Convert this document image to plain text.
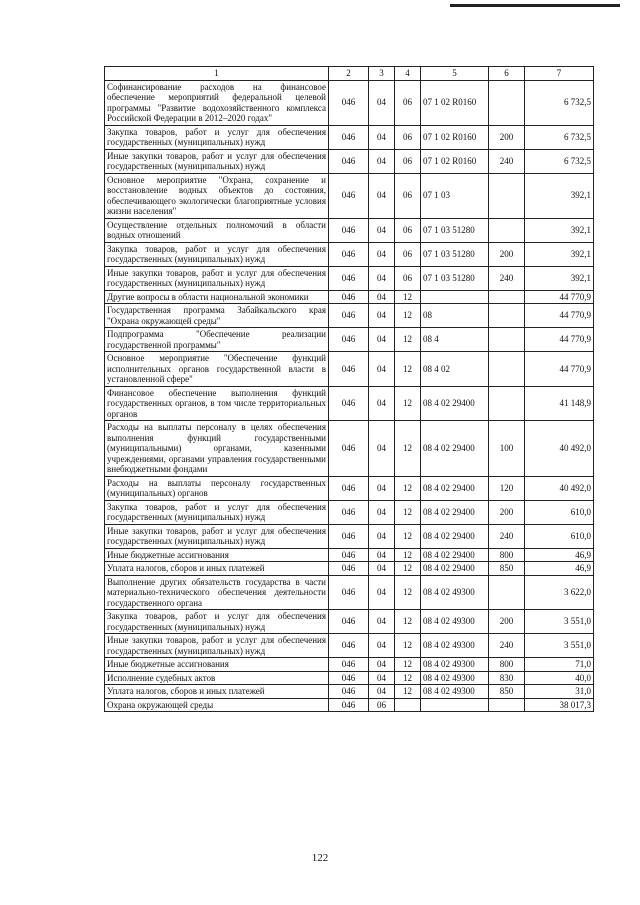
1	2	3	4	5	6	7
Софинансирование расходов на финансовое обеспечение мероприятий федеральной целевой программы "Развитие водохозяйственного комплекса Российской Федерации в 2012–2020 годах"	046	04	06	07 1 02 R0160		6 732,5
Закупка товаров, работ и услуг для обеспечения государственных (муниципальных) нужд	046	04	06	07 1 02 R0160	200	6 732,5
Иные закупки товаров, работ и услуг для обеспечения государственных (муниципальных) нужд	046	04	06	07 1 02 R0160	240	6 732,5
Основное мероприятие "Охрана, сохранение и восстановление водных объектов до состояния, обеспечивающего экологически благоприятные условия жизни населения"	046	04	06	07 1 03		392,1
Осуществление отдельных полномочий в области водных отношений	046	04	06	07 1 03 51280		392,1
Закупка товаров, работ и услуг для обеспечения государственных (муниципальных) нужд	046	04	06	07 1 03 51280	200	392,1
Иные закупки товаров, работ и услуг для обеспечения государственных (муниципальных) нужд	046	04	06	07 1 03 51280	240	392,1
Другие вопросы в области национальной экономики	046	04	12			44 770,9
Государственная программа Забайкальского края "Охрана окружающей среды"	046	04	12	08		44 770,9
Подпрограмма "Обеспечение реализации государственной программы"	046	04	12	08 4		44 770,9
Основное мероприятие "Обеспечение функций исполнительных органов государственной власти в установленной сфере"	046	04	12	08 4 02		44 770,9
Финансовое обеспечение выполнения функций государственных органов, в том числе территориальных органов	046	04	12	08 4 02 29400		41 148,9
Расходы на выплаты персоналу в целях обеспечения выполнения функций государственными (муниципальными) органами, казенными учреждениями, органами управления государственными внебюджетными фондами	046	04	12	08 4 02 29400	100	40 492,0
Расходы на выплаты персоналу государственных (муниципальных) органов	046	04	12	08 4 02 29400	120	40 492,0
Закупка товаров, работ и услуг для обеспечения государственных (муниципальных) нужд	046	04	12	08 4 02 29400	200	610,0
Иные закупки товаров, работ и услуг для обеспечения государственных (муниципальных) нужд	046	04	12	08 4 02 29400	240	610,0
Иные бюджетные ассигнования	046	04	12	08 4 02 29400	800	46,9
Уплата налогов, сборов и иных платежей	046	04	12	08 4 02 29400	850	46,9
Выполнение других обязательств государства в части материально-технического обеспечения деятельности государственного органа	046	04	12	08 4 02 49300		3 622,0
Закупка товаров, работ и услуг для обеспечения государственных (муниципальных) нужд	046	04	12	08 4 02 49300	200	3 551,0
Иные закупки товаров, работ и услуг для обеспечения государственных (муниципальных) нужд	046	04	12	08 4 02 49300	240	3 551,0
Иные бюджетные ассигнования	046	04	12	08 4 02 49300	800	71,0
Исполнение судебных актов	046	04	12	08 4 02 49300	830	40,0
Уплата налогов, сборов и иных платежей	046	04	12	08 4 02 49300	850	31,0
Охрана окружающей среды	046	06				38 017,3
122
